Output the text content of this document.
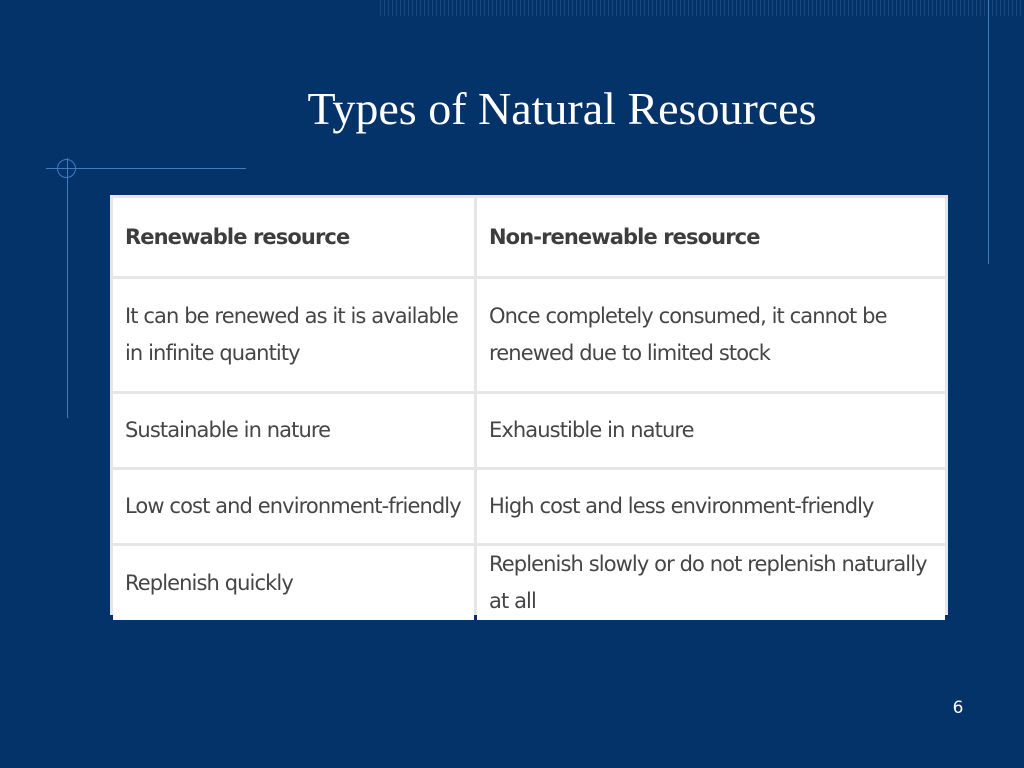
Types of Natural Resources
Renewable resource	Non-renewable resource
It can be renewed as it is available in infinite quantity	Once completely consumed, it cannot be renewed due to limited stock
Sustainable in nature	Exhaustible in nature
Low cost and environment-friendly	High cost and less environment-friendly
Replenish quickly	Replenish slowly or do not replenish naturally at all
6
